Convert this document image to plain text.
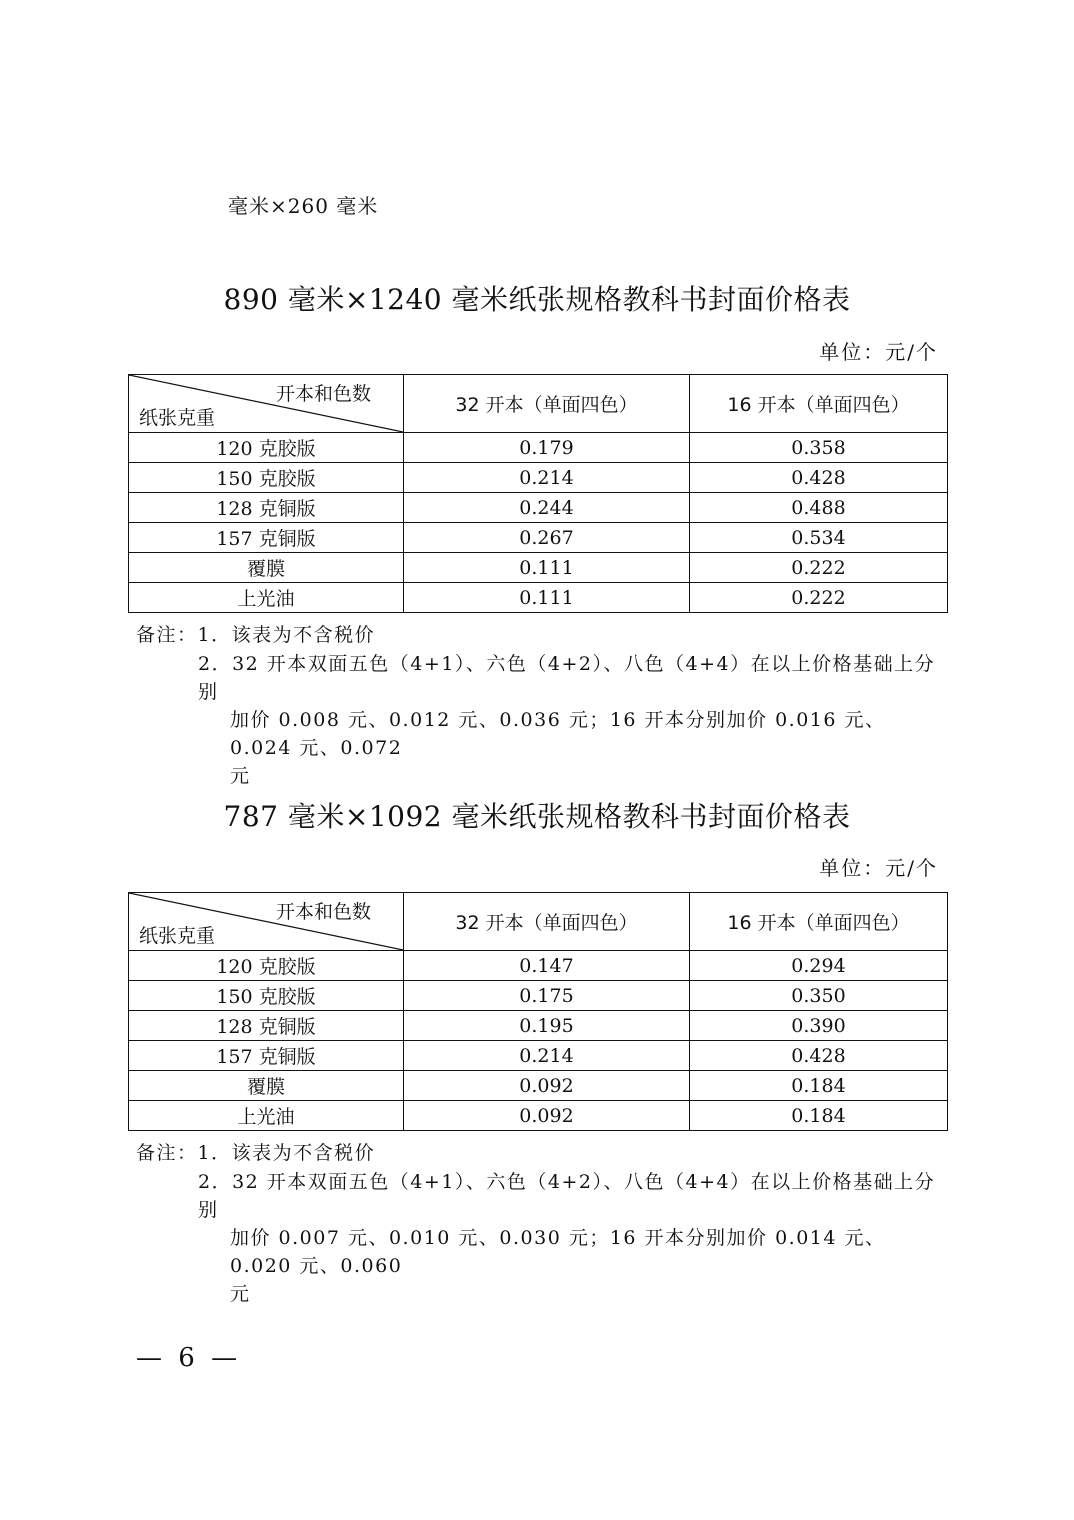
毫米×260 毫米
890 毫米×1240 毫米纸张规格教科书封面价格表
单位：元/个
开本和色数
纸张克重	32 开本（单面四色）	16 开本（单面四色）
120 克胶版	0.179	0.358
150 克胶版	0.214	0.428
128 克铜版	0.244	0.488
157 克铜版	0.267	0.534
覆膜	0.111	0.222
上光油	0.111	0.222
备注：1．该表为不含税价
2．32 开本双面五色（4+1）、六色（4+2）、八色（4+4）在以上价格基础上分别
加价 0.008 元、0.012 元、0.036 元；16 开本分别加价 0.016 元、0.024 元、0.072
元
787 毫米×1092 毫米纸张规格教科书封面价格表
单位：元/个
开本和色数
纸张克重	32 开本（单面四色）	16 开本（单面四色）
120 克胶版	0.147	0.294
150 克胶版	0.175	0.350
128 克铜版	0.195	0.390
157 克铜版	0.214	0.428
覆膜	0.092	0.184
上光油	0.092	0.184
备注：1．该表为不含税价
2．32 开本双面五色（4+1）、六色（4+2）、八色（4+4）在以上价格基础上分别
加价 0.007 元、0.010 元、0.030 元；16 开本分别加价 0.014 元、0.020 元、0.060
元
— 6 —
